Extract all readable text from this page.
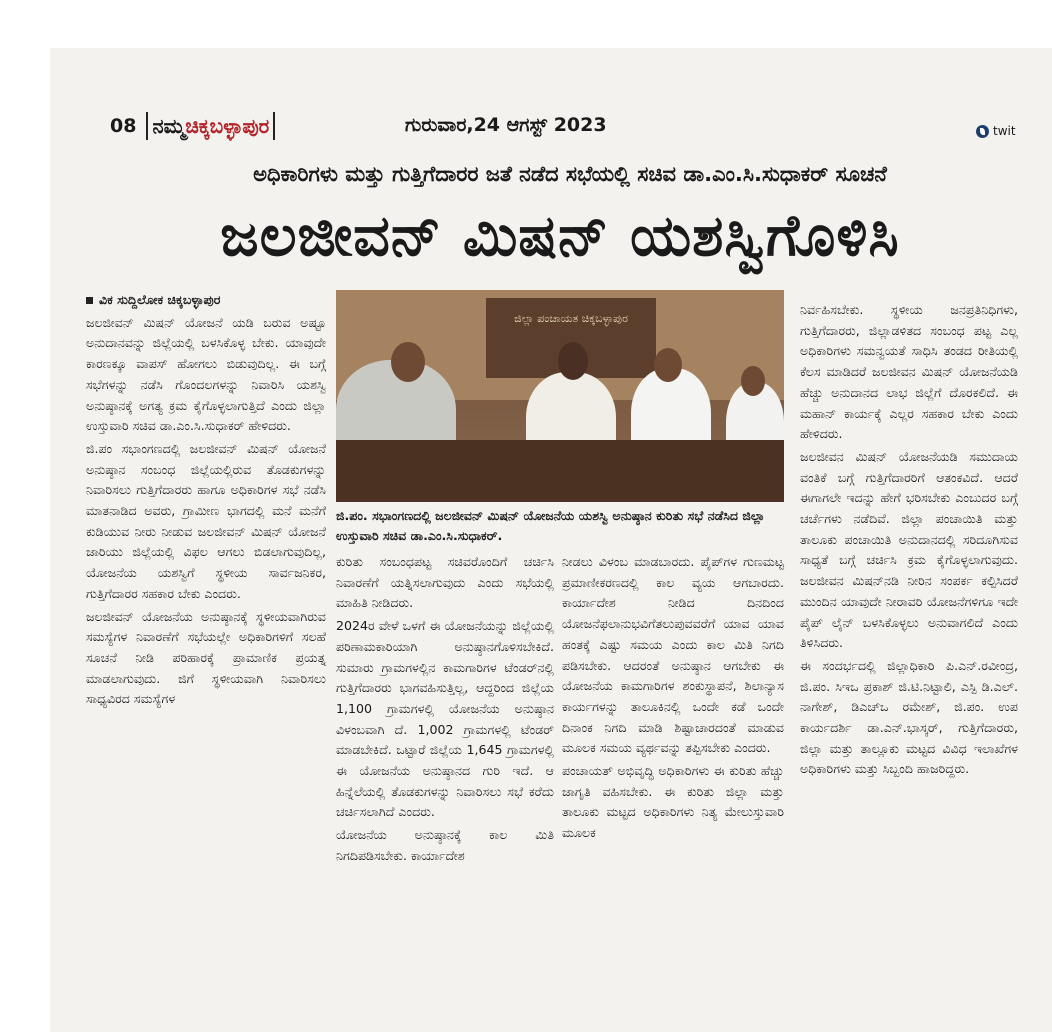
08 ನಮ್ಮ ಚಿಕ್ಕಬಳ್ಳಾಪುರ	ಗುರುವಾರ,24 ಆಗಸ್ಟ್ 2023	twit
ಅಧಿಕಾರಿಗಳು ಮತ್ತು ಗುತ್ತಿಗೆದಾರರ ಜತೆ ನಡೆದ ಸಭೆಯಲ್ಲಿ ಸಚಿವ ಡಾ.ಎಂ.ಸಿ.ಸುಧಾಕರ್ ಸೂಚನೆ
ಜಲಜೀವನ್ ಮಿಷನ್ ಯಶಸ್ವಿಗೊಳಿಸಿ

ವಿಕ ಸುದ್ದಿಲೋಕ ಚಿಕ್ಕಬಳ್ಳಾಪುರ

ಜಲಜೀವನ್ ಮಿಷನ್ ಯೋಜನೆ ಯಡಿ ಬರುವ ಅಷ್ಟೂ ಅನುದಾನವನ್ನು ಜಿಲ್ಲೆಯಲ್ಲಿ ಬಳಸಿಕೊಳ್ಳ ಬೇಕು. ಯಾವುದೇ ಕಾರಣಕ್ಕೂ ವಾಪಸ್ ಹೋಗಲು ಬಿಡುವುದಿಲ್ಲ. ಈ ಬಗ್ಗೆ ಸಭೆಗಳನ್ನು ನಡೆಸಿ ಗೊಂದಲಗಳನ್ನು ನಿವಾರಿಸಿ ಯಶಸ್ವಿ ಅನುಷ್ಠಾನಕ್ಕೆ ಅಗತ್ಯ ಕ್ರಮ ಕೈಗೊಳ್ಳಲಾಗುತ್ತಿದೆ ಎಂದು ಜಿಲ್ಲಾ ಉಸ್ತುವಾರಿ ಸಚಿವ ಡಾ.ಎಂ.ಸಿ.ಸುಧಾಕರ್ ಹೇಳಿದರು.

ಜಿ.ಪಂ ಸಭಾಂಗಣದಲ್ಲಿ ಜಲಜೀವನ್ ಮಿಷನ್ ಯೋಜನೆ ಅನುಷ್ಠಾನ ಸಂಬಂಧ ಜಿಲ್ಲೆಯಲ್ಲಿರುವ ತೊಡಕುಗಳನ್ನು ನಿವಾರಿಸಲು ಗುತ್ತಿಗೆದಾರರು ಹಾಗೂ ಅಧಿಕಾರಿಗಳ ಸಭೆ ನಡೆಸಿ ಮಾತನಾಡಿದ ಅವರು, ಗ್ರಾಮೀಣ ಭಾಗದಲ್ಲಿ ಮನೆ ಮನೆಗೆ ಕುಡಿಯುವ ನೀರು ನೀಡುವ ಜಲಜೀವನ್ ಮಿಷನ್ ಯೋಜನೆ ಜಾರಿಯು ಜಿಲ್ಲೆಯಲ್ಲಿ ವಿಫಲ ಆಗಲು ಬಿಡಲಾಗುವುದಿಲ್ಲ, ಯೋಜನೆಯ ಯಶಸ್ವಿಗೆ ಸ್ಥಳೀಯ ಸಾರ್ವಜನಿಕರ, ಗುತ್ತಿಗೆದಾರರ ಸಹಕಾರ ಬೇಕು ಎಂದರು.

ಜಲಜೀವನ್ ಯೋಜನೆಯ ಅನುಷ್ಠಾನಕ್ಕೆ ಸ್ಥಳೀಯವಾಗಿರುವ ಸಮಸ್ಯೆಗಳ ನಿವಾರಣೆಗೆ ಸಭೆಯಲ್ಲೇ ಅಧಿಕಾರಿಗಳಿಗೆ ಸಲಹೆ ಸೂಚನೆ ನೀಡಿ ಪರಿಹಾರಕ್ಕೆ ಪ್ರಾಮಾಣಿಕ ಪ್ರಯತ್ನ ಮಾಡಲಾಗುವುದು. ಜಿಗೆ ಸ್ಥಳೀಯವಾಗಿ ನಿವಾರಿಸಲು ಸಾಧ್ಯವಿರದ ಸಮಸ್ಯೆಗಳ

ಜಿಲ್ಲಾ ಪಂಚಾಯತ ಚಿಕ್ಕಬಳ್ಳಾಪುರ
ಜಿ.ಪಂ. ಸಭಾಂಗಣದಲ್ಲಿ ಜಲಜೀವನ್ ಮಿಷನ್ ಯೋಜನೆಯ ಯಶಸ್ವಿ ಅನುಷ್ಠಾನ ಕುರಿತು ಸಭೆ ನಡೆಸಿದ ಜಿಲ್ಲಾ ಉಸ್ತುವಾರಿ ಸಚಿವ ಡಾ.ಎಂ.ಸಿ.ಸುಧಾಕರ್.

ಕುರಿತು ಸಂಬಂಧಪಟ್ಟ ಸಚಿವರೊಂದಿಗೆ ಚರ್ಚಿಸಿ ನಿವಾರಣೆಗೆ ಯತ್ನಿಸಲಾಗುವುದು ಎಂದು ಸಭೆಯಲ್ಲಿ ಮಾಹಿತಿ ನೀಡಿದರು.

2024ರ ವೇಳೆ ಒಳಗೆ ಈ ಯೋಜನೆಯನ್ನು ಜಿಲ್ಲೆಯಲ್ಲಿ ಪರಿಣಾಮಕಾರಿಯಾಗಿ ಅನುಷ್ಠಾನಗೊಳಿಸಬೇಕಿದೆ. ಸುಮಾರು ಗ್ರಾಮಗಳಲ್ಲಿನ ಕಾಮಗಾರಿಗಳ ಟೆಂಡರ್‌ನಲ್ಲಿ ಗುತ್ತಿಗೆದಾರರು ಭಾಗವಹಿಸುತ್ತಿಲ್ಲ, ಆದ್ದರಿಂದ ಜಿಲ್ಲೆಯ 1,100 ಗ್ರಾಮಗಳಲ್ಲಿ ಯೋಜನೆಯ ಅನುಷ್ಠಾನ ವಿಳಂಬವಾಗಿ ದೆ. 1,002 ಗ್ರಾಮಗಳಲ್ಲಿ ಟೆಂಡರ್ ಮಾಡಬೇಕಿದೆ. ಒಟ್ಟಾರೆ ಜಿಲ್ಲೆಯ 1,645 ಗ್ರಾಮಗಳಲ್ಲಿ ಈ ಯೋಜನೆಯ ಅನುಷ್ಠಾನದ ಗುರಿ ಇದೆ. ಆ ಹಿನ್ನೆಲೆಯಲ್ಲಿ ತೊಡಕುಗಳನ್ನು ನಿವಾರಿಸಲು ಸಭೆ ಕರೆದು ಚರ್ಚಿಸಲಾಗಿದೆ ಎಂದರು.

ಯೋಜನೆಯ ಅನುಷ್ಠಾನಕ್ಕೆ ಕಾಲ ಮಿತಿ ನಿಗದಿಪಡಿಸಬೇಕು. ಕಾರ್ಯಾದೇಶ

ನೀಡಲು ವಿಳಂಬ ಮಾಡಬಾರದು. ಪೈಪ್‌ಗಳ ಗುಣಮಟ್ಟ ಪ್ರಮಾಣೀಕರಣದಲ್ಲಿ ಕಾಲ ವ್ಯಯ ಆಗಬಾರದು. ಕಾರ್ಯಾದೇಶ ನೀಡಿದ ದಿನದಿಂದ ಯೋಜನೆಫಲಾನುಭವಿಗೆತಲುಪುವವರೆಗೆ ಯಾವ ಯಾವ ಹಂತಕ್ಕೆ ಎಷ್ಟು ಸಮಯ ಎಂದು ಕಾಲ ಮಿತಿ ನಿಗದಿ ಪಡಿಸಬೇಕು. ಆದರಂತೆ ಅನುಷ್ಠಾನ ಆಗಬೇಕು ಈ ಯೋಜನೆಯ ಕಾಮಗಾರಿಗಳ ಶಂಕುಸ್ಥಾಪನೆ, ಶಿಲಾನ್ಯಾಸ ಕಾರ್ಯಗಳನ್ನು ತಾಲೂಕಿನಲ್ಲಿ ಒಂದೇ ಕಡೆ ಒಂದೇ ದಿನಾಂಕ ನಿಗದಿ ಮಾಡಿ ಶಿಷ್ಟಾಚಾರದಂತೆ ಮಾಡುವ ಮೂಲಕ ಸಮಯ ವ್ಯರ್ಥವನ್ನು ತಪ್ಪಿಸಬೇಕು ಎಂದರು.

ಪಂಚಾಯತ್ ಅಭಿವೃದ್ಧಿ ಅಧಿಕಾರಿಗಳು ಈ ಕುರಿತು ಹೆಚ್ಚು ಜಾಗೃತಿ ವಹಿಸಬೇಕು. ಈ ಕುರಿತು ಜಿಲ್ಲಾ ಮತ್ತು ತಾಲೂಕು ಮಟ್ಟದ ಅಧಿಕಾರಿಗಳು ನಿತ್ಯ ಮೇಲುಸ್ತುವಾರಿ ಮೂಲಕ

ನಿರ್ವಹಿಸಬೇಕು. ಸ್ಥಳೀಯ ಜನಪ್ರತಿನಿಧಿಗಳು, ಗುತ್ತಿಗೆದಾರರು, ಜಿಲ್ಲಾಡಳಿತದ ಸಂಬಂಧ ಪಟ್ಟ ಎಲ್ಲ ಅಧಿಕಾರಿಗಳು ಸಮನ್ವಯತೆ ಸಾಧಿಸಿ ತಂಡದ ರೀತಿಯಲ್ಲಿ ಕೆಲಸ ಮಾಡಿದರೆ ಜಲಜೀವನ ಮಿಷನ್ ಯೋಜನೆಯಡಿ ಹೆಚ್ಚು ಅನುದಾನದ ಲಾಭ ಜಿಲ್ಲೆಗೆ ದೊರಕಲಿದೆ. ಈ ಮಹಾನ್ ಕಾರ್ಯಕ್ಕೆ ಎಲ್ಲರ ಸಹಕಾರ ಬೇಕು ಎಂದು ಹೇಳಿದರು.

ಜಲಜೀವನ ಮಿಷನ್ ಯೋಜನೆಯಡಿ ಸಮುದಾಯ ವಂತಿಕೆ ಬಗ್ಗೆ ಗುತ್ತಿಗೆದಾರರಿಗೆ ಆತಂಕವಿದೆ. ಆದರೆ ಈಗಾಗಲೇ ಇದನ್ನು ಹೇಗೆ ಭರಿಸಬೇಕು ಎಂಬುದರ ಬಗ್ಗೆ ಚರ್ಚೆಗಳು ನಡೆದಿವೆ. ಜಿಲ್ಲಾ ಪಂಚಾಯಿತಿ ಮತ್ತು ತಾಲೂಕು ಪಂಚಾಯಿತಿ ಅನುದಾನದಲ್ಲಿ ಸರಿದೂಗಿಸುವ ಸಾಧ್ಯತೆ ಬಗ್ಗೆ ಚರ್ಚಿಸಿ ಕ್ರಮ ಕೈಗೊಳ್ಳಲಾಗುವುದು. ಜಲಜೀವನ ಮಿಷನ್‌ನಡಿ ನೀರಿನ ಸಂಪರ್ಕ ಕಲ್ಪಿಸಿದರೆ ಮುಂದಿನ ಯಾವುದೇ ನೀರಾವರಿ ಯೋಜನೆಗಳಿಗೂ ಇದೇ ಪೈಪ್ ಲೈನ್ ಬಳಸಿಕೊಳ್ಳಲು ಅನುವಾಗಲಿದೆ ಎಂದು ತಿಳಿಸಿದರು.

ಈ ಸಂದರ್ಭದಲ್ಲಿ ಜಿಲ್ಲಾಧಿಕಾರಿ ಪಿ.ಎನ್.ರವೀಂದ್ರ, ಜಿ.ಪಂ. ಸಿಇಒ ಪ್ರಕಾಶ್ ಜಿ.ಟಿ.ನಿಟ್ಟಾಲಿ, ಎಸ್ಪಿ ಡಿ.ಎಲ್. ನಾಗೇಶ್, ಡಿಎಚ್‌ಒ ರಮೇಶ್, ಜಿ.ಪಂ. ಉಪ ಕಾರ್ಯದರ್ಶಿ ಡಾ.ಎನ್.ಭಾಸ್ಕರ್, ಗುತ್ತಿಗೆದಾರರು, ಜಿಲ್ಲಾ ಮತ್ತು ತಾಲ್ಲೂಕು ಮಟ್ಟದ ವಿವಿಧ ಇಲಾಖೆಗಳ ಅಧಿಕಾರಿಗಳು ಮತ್ತು ಸಿಬ್ಬಂದಿ ಹಾಜರಿದ್ದರು.
